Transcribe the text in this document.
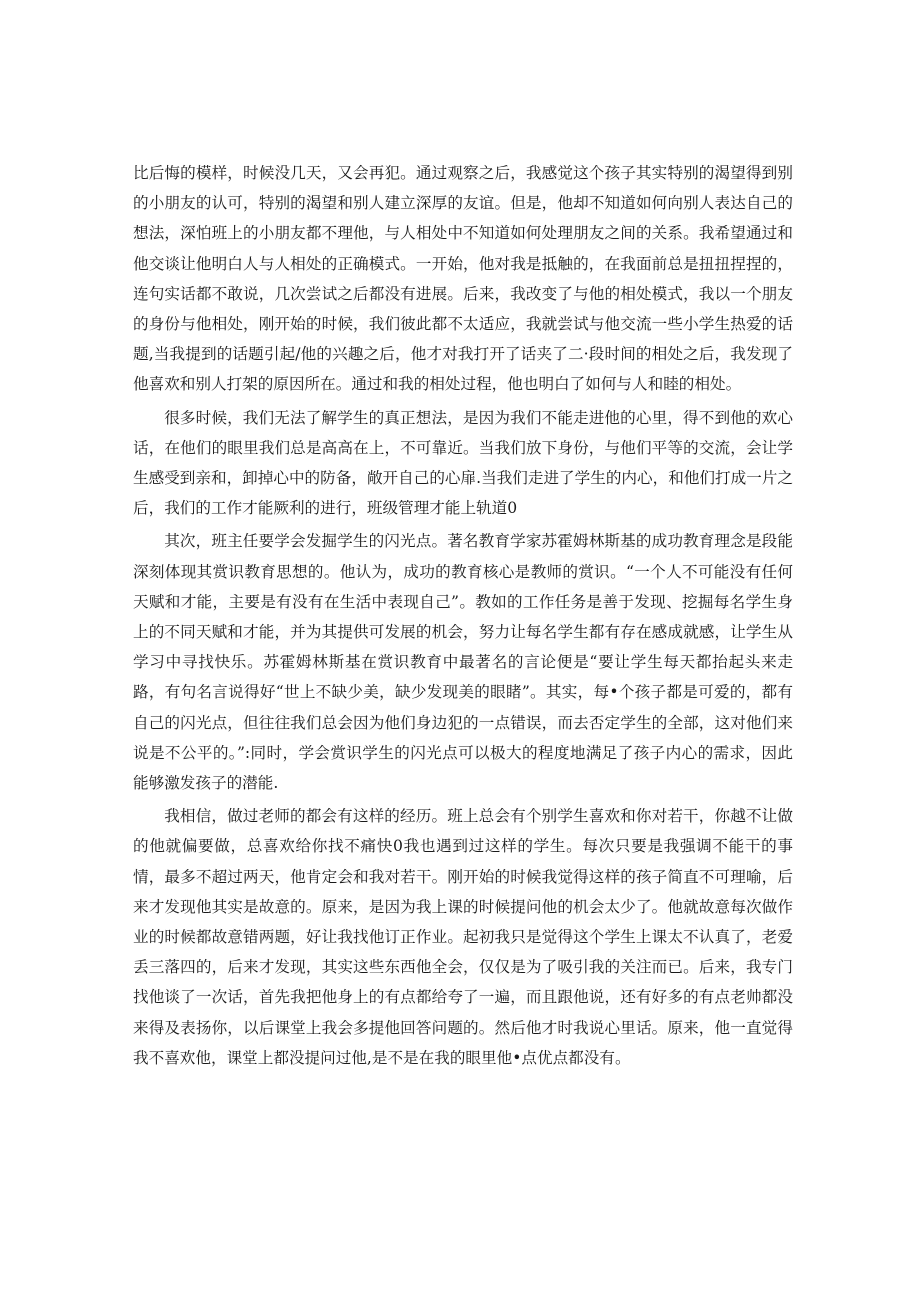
比后悔的模样，时候没几天，又会再犯。通过观察之后，我感觉这个孩子其实特别的渴望得到别的小朋友的认可，特别的渴望和别人建立深厚的友谊。但是，他却不知道如何向别人表达自己的想法，深怕班上的小朋友都不理他，与人相处中不知道如何处理朋友之间的关系。我希望通过和他交谈让他明白人与人相处的正确模式。一开始，他对我是抵触的，在我面前总是扭扭捏捏的，连句实话都不敢说，几次尝试之后都没有进展。后来，我改变了与他的相处模式，我以一个朋友的身份与他相处，刚开始的时候，我们彼此都不太适应，我就尝试与他交流一些小学生热爱的话题,当我提到的话题引起/他的兴趣之后，他才对我打开了话夹了二·段时间的相处之后，我发现了他喜欢和别人打架的原因所在。通过和我的相处过程，他也明白了如何与人和睦的相处。

很多时候，我们无法了解学生的真正想法，是因为我们不能走进他的心里，得不到他的欢心话，在他们的眼里我们总是高高在上，不可靠近。当我们放下身份，与他们平等的交流，会让学生感受到亲和，卸掉心中的防备，敞开自己的心扉.当我们走进了学生的内心，和他们打成一片之后，我们的工作才能厥利的进行，班级管理才能上轨道0

其次，班主任要学会发掘学生的闪光点。著名教育学家苏霍姆林斯基的成功教育理念是段能深刻体现其赏识教育思想的。他认为，成功的教育核心是教师的赏识。“一个人不可能没有任何天赋和才能，主要是有没有在生活中表现自己”。教如的工作任务是善于发现、挖掘每名学生身上的不同天赋和才能，并为其提供可发展的机会，努力让每名学生都有存在感成就感，让学生从学习中寻找快乐。苏霍姆林斯基在赏识教育中最著名的言论便是“要让学生每天都抬起头来走路，有句名言说得好“世上不缺少美，缺少发现美的眼睹”。其实，每•个孩子都是可爱的，都有自己的闪光点，但往往我们总会因为他们身边犯的一点错误，而去否定学生的全部，这对他们来说是不公平的。”:同时，学会赏识学生的闪光点可以极大的程度地满足了孩子内心的需求，因此能够激发孩子的潜能.

我相信，做过老师的都会有这样的经历。班上总会有个别学生喜欢和你对若干，你越不让做的他就偏要做，总喜欢给你找不痛快0我也遇到过这样的学生。每次只要是我强调不能干的事情，最多不超过两天，他肯定会和我对若干。刚开始的时候我觉得这样的孩子简直不可理喻，后来才发现他其实是故意的。原来，是因为我上课的时候提问他的机会太少了。他就故意每次做作业的时候都故意错两题，好让我找他订正作业。起初我只是觉得这个学生上课太不认真了，老爱丢三落四的，后来才发现，其实这些东西他全会，仅仅是为了吸引我的关注而已。后来，我专门找他谈了一次话，首先我把他身上的有点都给夸了一遍，而且跟他说，还有好多的有点老帅都没来得及表扬你，以后课堂上我会多提他回答问题的。然后他才时我说心里话。原来，他一直觉得我不喜欢他，课堂上都没提问过他,是不是在我的眼里他•点优点都没有。
